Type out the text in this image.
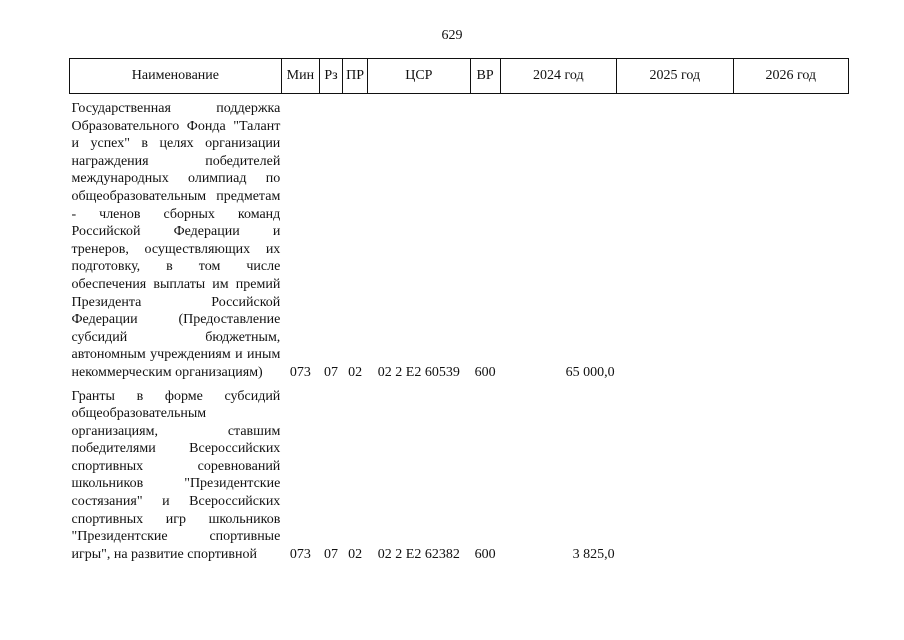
629
Наименование	Мин	Рз	ПР	ЦСР	ВР	2024 год	2025 год	2026 год

Государственная поддержка Образовательного Фонда "Талант и успех" в целях организации награждения победителей международных олимпиад по общеобразовательным предметам - членов сборных команд Российской Федерации и тренеров, осуществляющих их подготовку, в том числе обеспечения выплаты им премий Президента Российской Федерации (Предоставление субсидий бюджетным, автономным учреждениям и иным некоммерческим организациям)	073	07	02	02 2 E2 60539	600	65 000,0		

Гранты в форме субсидий общеобразовательным организациям, ставшим победителями Всероссийских спортивных соревнований школьников "Президентские состязания" и Всероссийских спортивных игр школьников "Президентские спортивные игры", на развитие спортивной	073	07	02	02 2 E2 62382	600	3 825,0		
